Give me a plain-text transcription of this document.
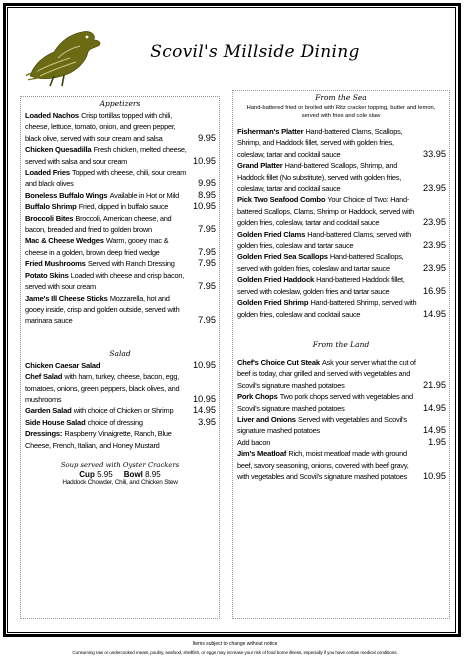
Scovil's Millside Dining
Appetizers
Loaded Nachos Crisp tortillas topped with chili, cheese, lettuce, tomato, onion, and green pepper, black olive, served with sour cream and salsa	9.95
Chicken Quesadilla Fresh chicken, melted cheese, served with salsa and sour cream	10.95
Loaded Fries Topped with cheese, chili, sour cream and black olives	9.95
Boneless Buffalo Wings Available in Hot or Mild 8.95
Buffalo Shrimp Fried, dipped in buffalo sauce	10.95
Broccoli Bites Broccoli, American cheese, and bacon, breaded and fried to golden brown	7.95
Mac & Cheese Wedges Warm, gooey mac & cheese in a golden, brown deep fried wedge	7.95
Fried Mushrooms Served with Ranch Dressing	7.95
Potato Skins Loaded with cheese and crisp bacon, served with sour cream	7.95
Jame's Ill Cheese Sticks Mozzarella, hot and gooey inside, crisp and golden outside, served with marinara sauce	7.95
Salad
Chicken Caesar Salad	10.95
Chef Salad with ham, turkey, cheese, bacon, egg, tomatoes, onions, green peppers, black olives, and mushrooms	10.95
Garden Salad with choice of Chicken or Shrimp 14.95
Side House Salad choice of dressing	3.95
Dressings: Raspberry Vinaigrette, Ranch, Blue Cheese, French, Italian, and Honey Mustard
Soup served with Oyster Crackers
Cup 5.95 Bowl 8.95
Haddock Chowder, Chili, and Chicken Stew
From the Sea
Hand-battered fried or broiled with Ritz cracker topping, butter and lemon, served with fries and cole slaw
Fisherman's Platter Hand-battered Clams, Scallops, Shrimp, and Haddock fillet, served with golden fries, coleslaw, tartar and cocktail sauce	33.95
Grand Platter Hand-battered Scallops, Shrimp, and Haddock fillet (No substitute), served with golden fries, coleslaw, tartar and cocktail sauce	23.95
Pick Two Seafood Combo Your Choice of Two: Hand-battered Scallops, Clams, Shrimp or Haddock, served with golden fries, coleslaw, tartar and cocktail sauce	23.95
Golden Fried Clams Hand-battered Clams, served with golden fries, coleslaw and tartar sauce	23.95
Golden Fried Sea Scallops Hand-battered Scallops, served with golden fries, coleslaw and tartar sauce	23.95
Golden Fried Haddock Hand-battered Haddock fillet, served with coleslaw, golden fries and tartar sauce	16.95
Golden Fried Shrimp Hand-battered Shrimp, served with golden fries, coleslaw and cocktail sauce	14.95
From the Land
Chef's Choice Cut Steak Ask your server what the cut of beef is today, char grilled and served with vegetables and Scovil's signature mashed potatoes	21.95
Pork Chops Two pork chops served with vegetables and Scovil's signature mashed potatoes	14.95
Liver and Onions Served with vegetables and Scovil's signature mashed potatoes	14.95
Add bacon	1.95
Jim's Meatloaf Rich, moist meatloaf made with ground beef, savory seasoning, onions, covered with beef gravy, with vegetables and Scovil's signature mashed potatoes 10.95
Items subject to change without notice
Consuming raw or undercooked meats, poultry, seafood, shellfish, or eggs may increase your risk of food borne illness, especially if you have certain medical conditions.
